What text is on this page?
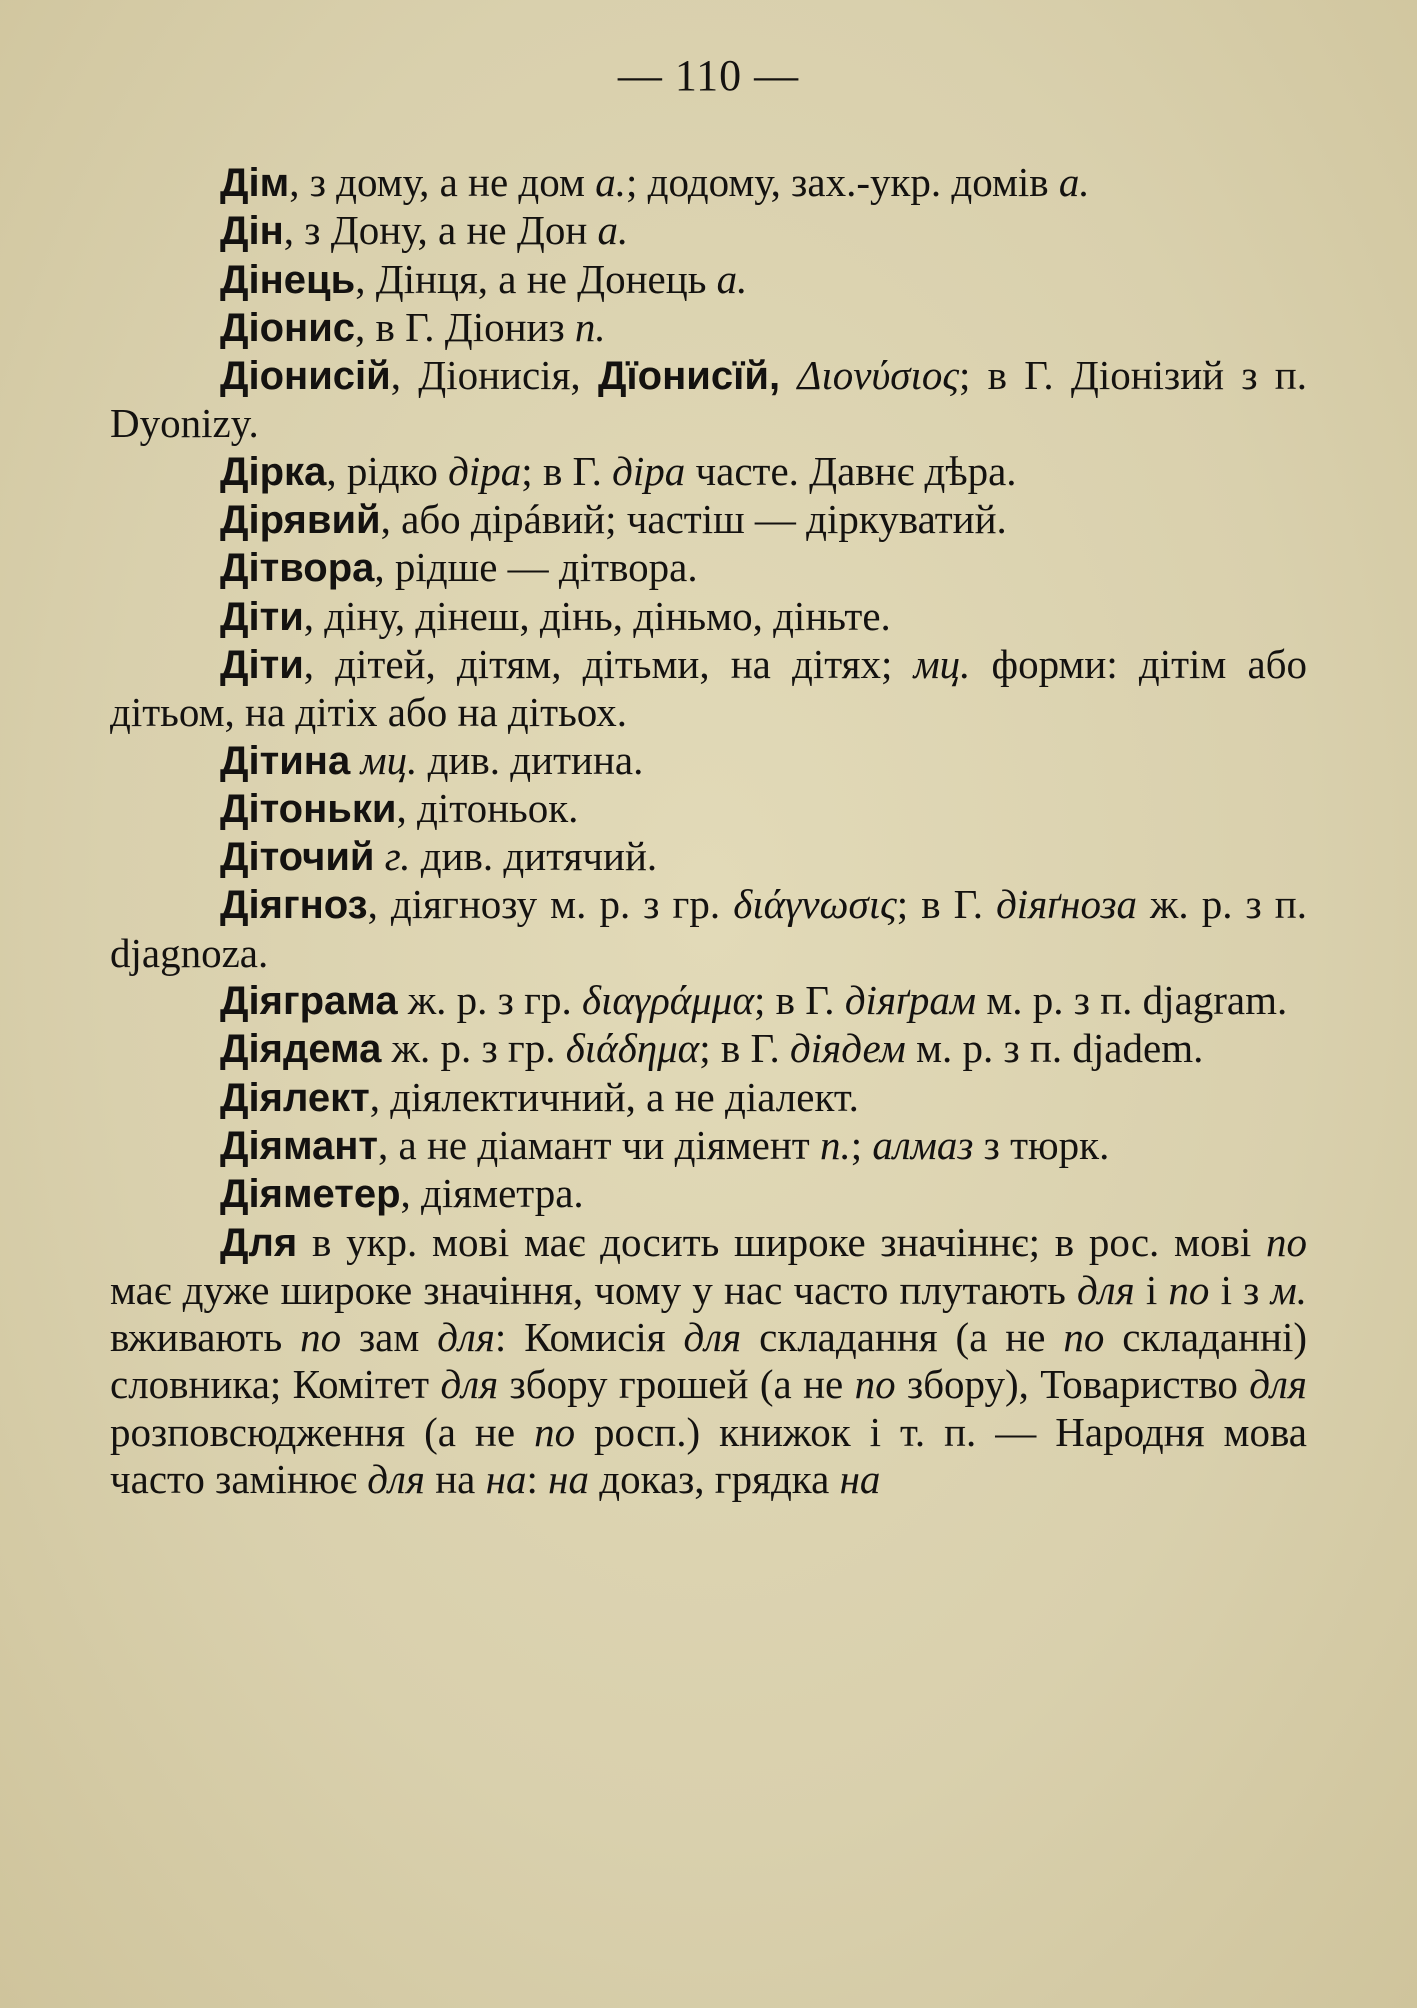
— 110 —

Дім, з дому, а не дом а.; додому, зах.-укр. домів а.

Дін, з Дону, а не Дон а.

Дінець, Дінця, а не Донець а.

Діонис, в Г. Діониз п.

Діонисій, Діонисія, Дїонисїй, Διονύσιος; в Г. Діонізий з п. Dyonizy.

Дірка, рідко діра; в Г. діра часте. Давнє дѣра.

Дірявий, або дірáвий; частіш — діркуватий.

Дітвора, рідше — дітвора.

Діти, діну, дінеш, дінь, діньмо, діньте.

Діти, дітей, дітям, дітьми, на дітях; мц. форми: дітім або дітьом, на дітіх або на дітьох.

Дітина мц. див. дитина.

Дітоньки, дітоньок.

Діточий г. див. дитячий.

Діягноз, діягнозу м. р. з гр. διάγνωσις; в Г. діяґноза ж. р. з п. djagnoza.

Діяграма ж. р. з гр. διαγράμμα; в Г. діяґрам м. р. з п. djagram.

Діядема ж. р. з гр. διάδημα; в Г. діядем м. р. з п. djadem.

Діялект, діялектичний, а не діалект.

Діямант, а не діамант чи діямент п.; алмаз з тюрк.

Діяметер, діяметра.

Для в укр. мові має досить широке значіннє; в рос. мові по має дуже широке значіння, чому у нас часто плутають для і по і з м. вживають по зам для: Комисія для складання (а не по складанні) словника; Комітет для збору грошей (а не по збору), Товариство для розповсюдження (а не по росп.) книжок і т. п. — Народня мова часто замінює для на на: на доказ, грядка на
